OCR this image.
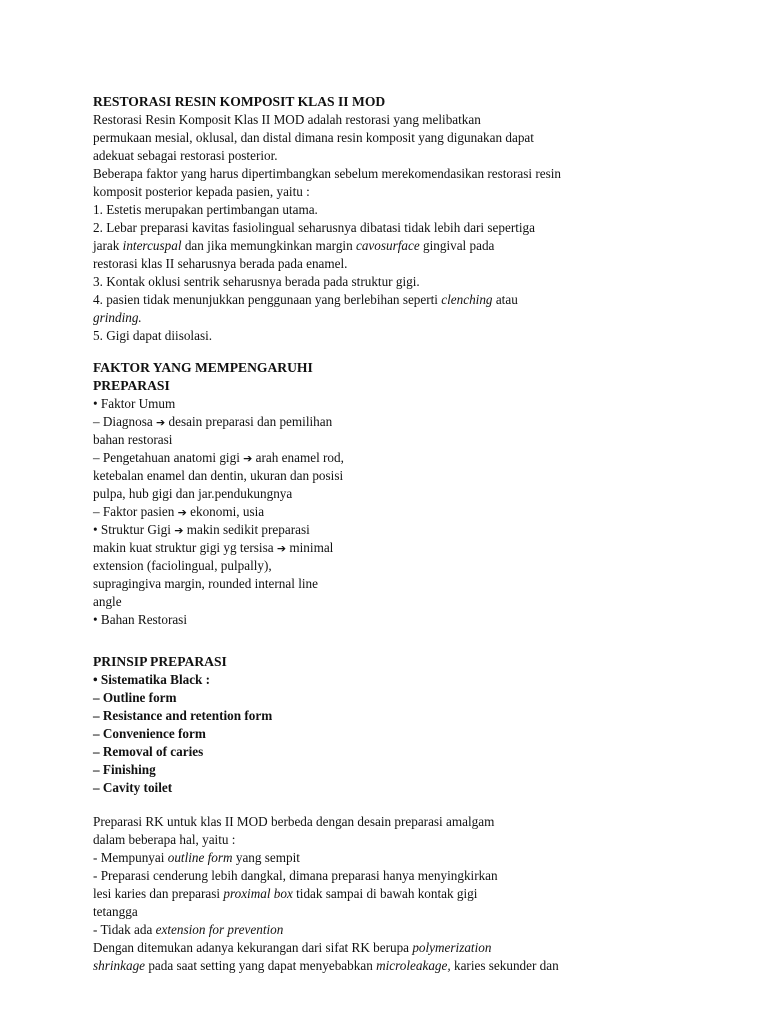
RESTORASI RESIN KOMPOSIT KLAS II MOD
Restorasi Resin Komposit Klas II MOD adalah restorasi yang melibatkan
permukaan mesial, oklusal, dan distal dimana resin komposit yang digunakan dapat
adekuat sebagai restorasi posterior.
Beberapa faktor yang harus dipertimbangkan sebelum merekomendasikan restorasi resin
komposit posterior kepada pasien, yaitu :
1. Estetis merupakan pertimbangan utama.
2. Lebar preparasi kavitas fasiolingual seharusnya dibatasi tidak lebih dari sepertiga
jarak intercuspal dan jika memungkinkan margin cavosurface gingival pada
restorasi klas II seharusnya berada pada enamel.
3. Kontak oklusi sentrik seharusnya berada pada struktur gigi.
4. pasien tidak menunjukkan penggunaan yang berlebihan seperti clenching atau
grinding.
5. Gigi dapat diisolasi.
FAKTOR YANG MEMPENGARUHI
PREPARASI
• Faktor Umum
– Diagnosa ➔ desain preparasi dan pemilihan
bahan restorasi
– Pengetahuan anatomi gigi ➔ arah enamel rod,
ketebalan enamel dan dentin, ukuran dan posisi
pulpa, hub gigi dan jar.pendukungnya
– Faktor pasien ➔ ekonomi, usia
• Struktur Gigi ➔ makin sedikit preparasi
makin kuat struktur gigi yg tersisa ➔ minimal
extension (faciolingual, pulpally),
supragingiva margin, rounded internal line
angle
• Bahan Restorasi
PRINSIP PREPARASI
• Sistematika Black :
– Outline form
– Resistance and retention form
– Convenience form
– Removal of caries
– Finishing
– Cavity toilet
Preparasi RK untuk klas II MOD berbeda dengan desain preparasi amalgam
dalam beberapa hal, yaitu :
- Mempunyai outline form yang sempit
- Preparasi cenderung lebih dangkal, dimana preparasi hanya menyingkirkan
lesi karies dan preparasi proximal box tidak sampai di bawah kontak gigi
tetangga
- Tidak ada extension for prevention
Dengan ditemukan adanya kekurangan dari sifat RK berupa polymerization
shrinkage pada saat setting yang dapat menyebabkan microleakage, karies sekunder dan
